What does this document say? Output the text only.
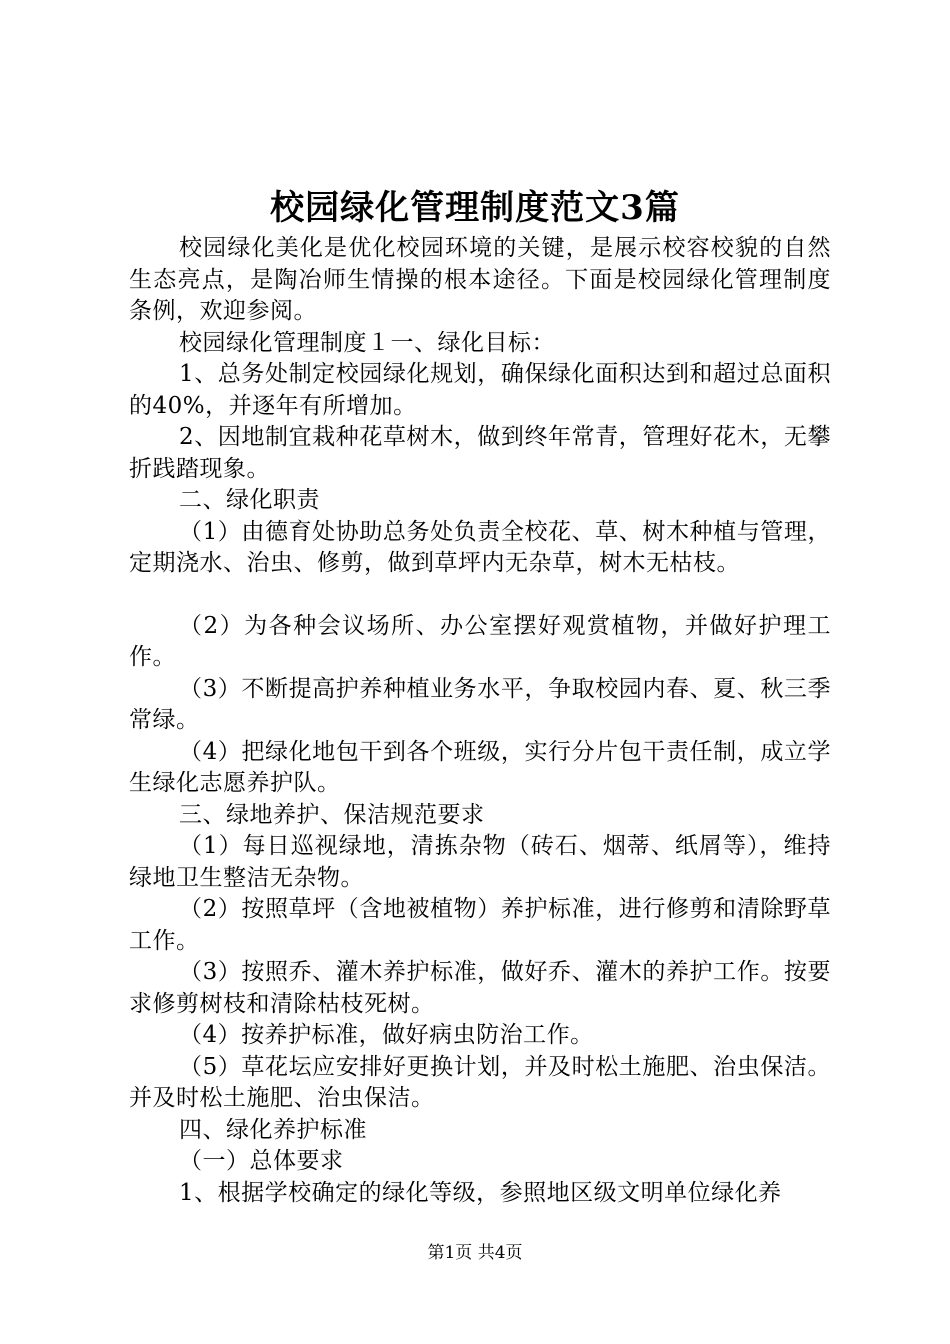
校园绿化管理制度范文3篇

校园绿化美化是优化校园环境的关键，是展示校容校貌的自然生态亮点，是陶冶师生情操的根本途径。下面是校园绿化管理制度条例，欢迎参阅。

校园绿化管理制度１一、绿化目标：

1、总务处制定校园绿化规划，确保绿化面积达到和超过总面积的40%，并逐年有所增加。

2、因地制宜栽种花草树木，做到终年常青，管理好花木，无攀折践踏现象。

二、绿化职责

（1）由德育处协助总务处负责全校花、草、树木种植与管理，定期浇水、治虫、修剪，做到草坪内无杂草，树木无枯枝。

（2）为各种会议场所、办公室摆好观赏植物，并做好护理工作。

（3）不断提高护养种植业务水平，争取校园内春、夏、秋三季常绿。

（4）把绿化地包干到各个班级，实行分片包干责任制，成立学生绿化志愿养护队。

三、绿地养护、保洁规范要求

（1）每日巡视绿地，清拣杂物（砖石、烟蒂、纸屑等），维持绿地卫生整洁无杂物。

（2）按照草坪（含地被植物）养护标准，进行修剪和清除野草工作。

（3）按照乔、灌木养护标准，做好乔、灌木的养护工作。按要求修剪树枝和清除枯枝死树。

（4）按养护标准，做好病虫防治工作。

（5）草花坛应安排好更换计划，并及时松土施肥、治虫保洁。并及时松土施肥、治虫保洁。

四、绿化养护标准

（一）总体要求

1、根据学校确定的绿化等级，参照地区级文明单位绿化养

第1页 共4页
